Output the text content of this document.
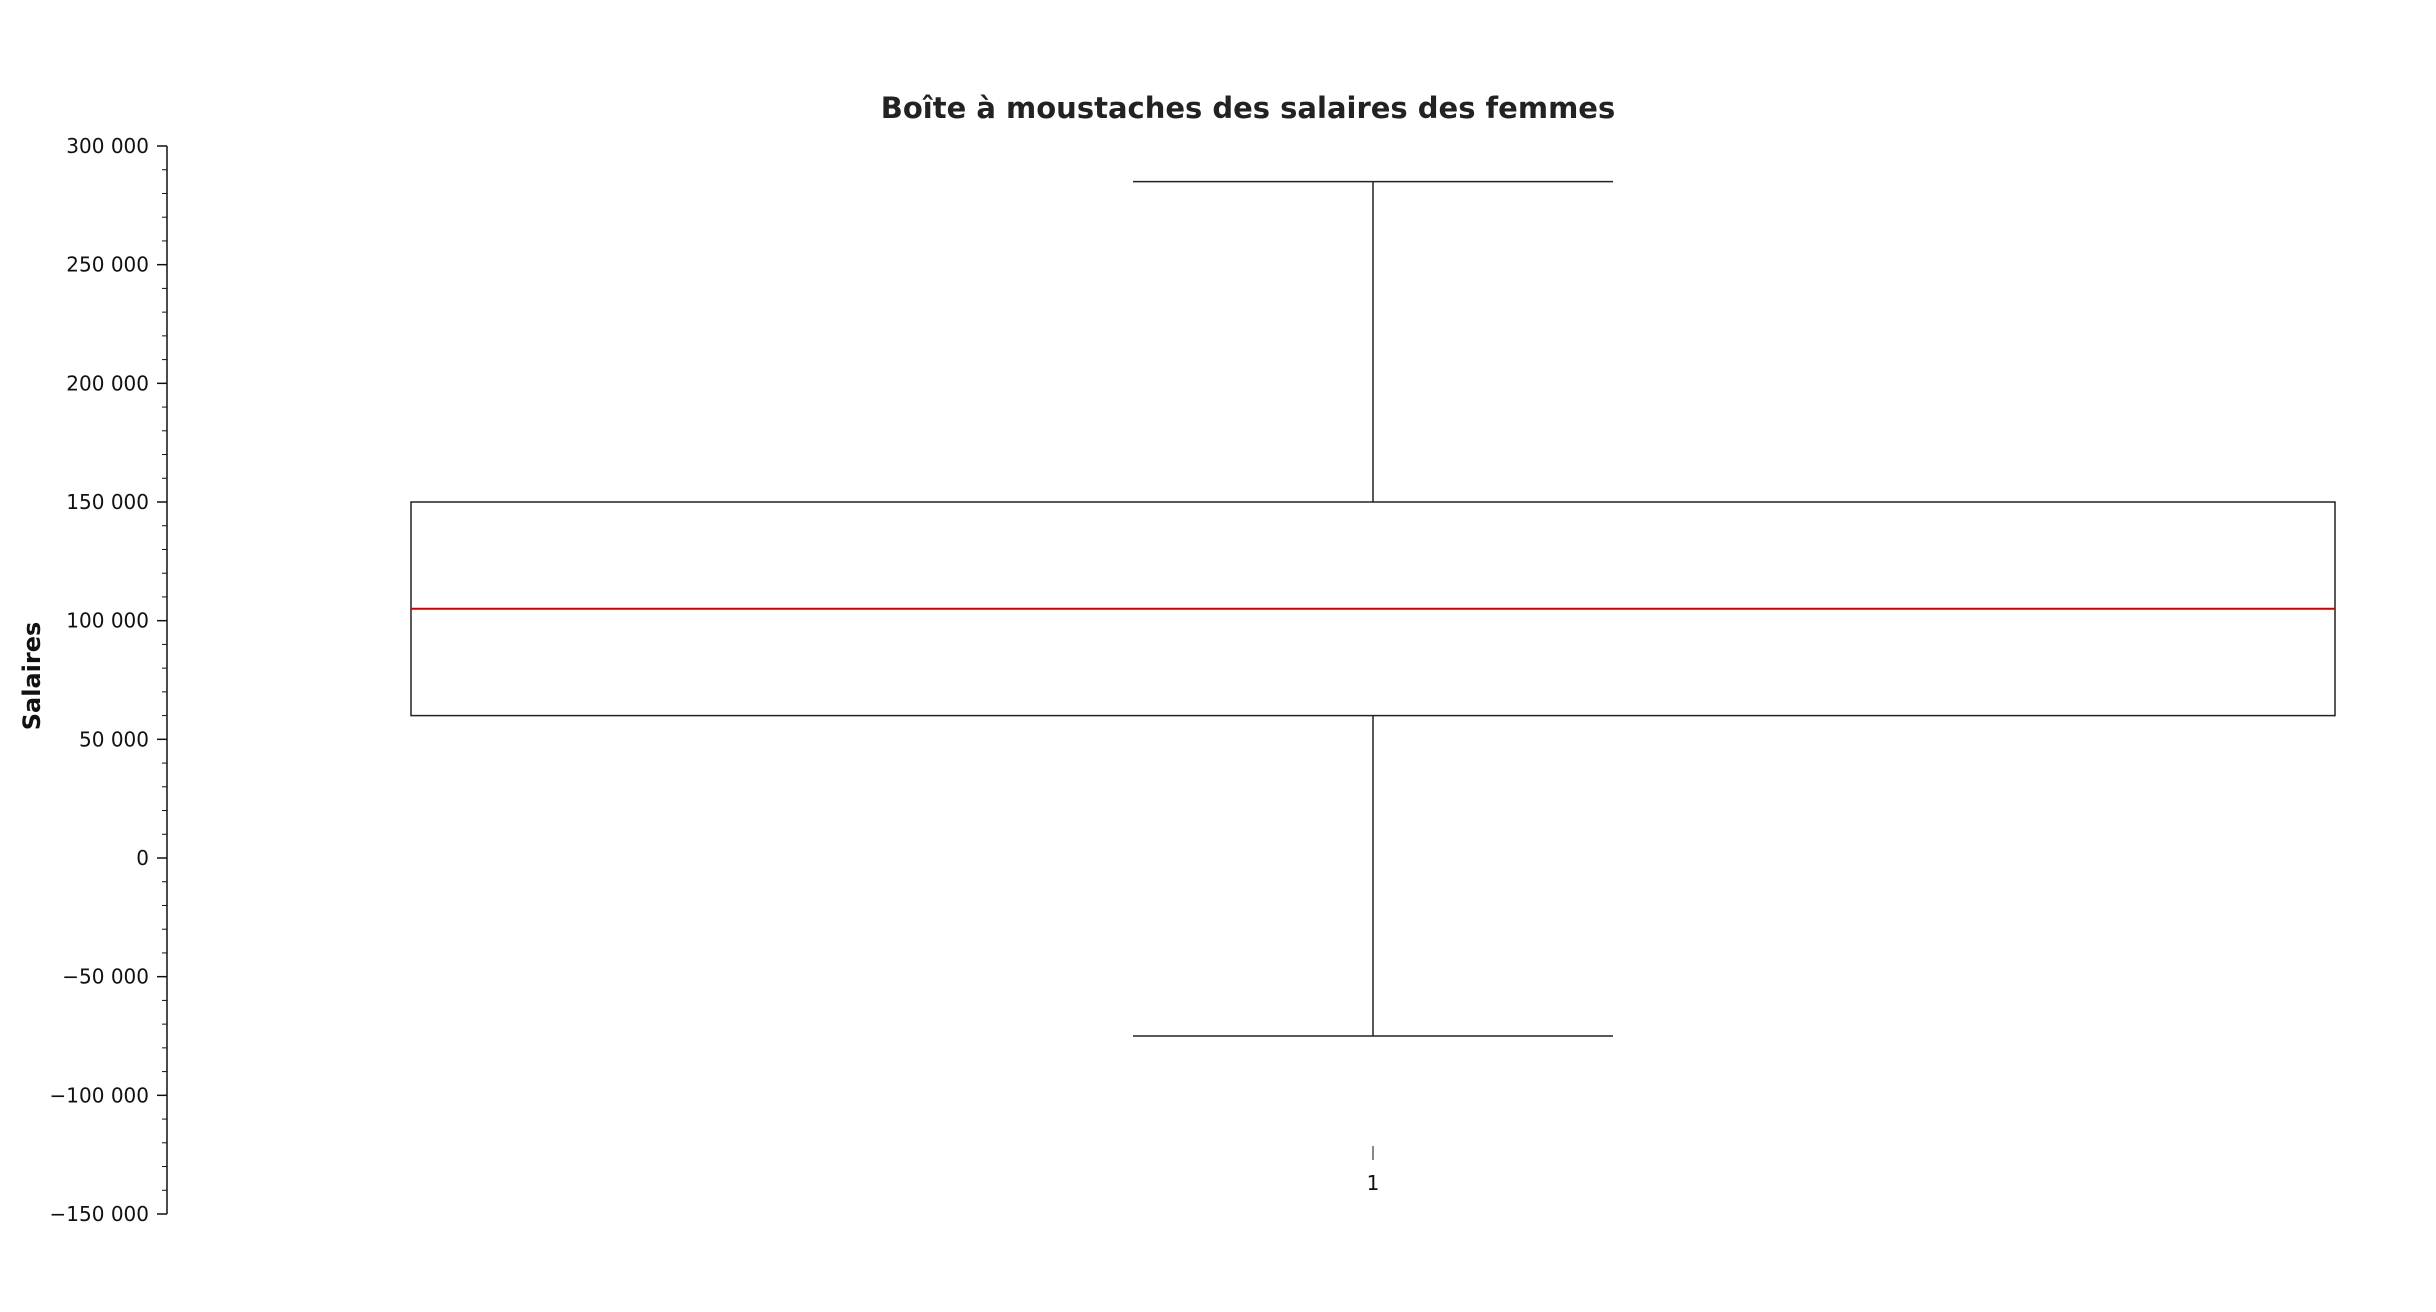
Boîte à moustaches des salaires des femmes
Salaires
300 000
250 000
200 000
150 000
100 000
50 000
0
−50 000
−100 000
−150 000
1
